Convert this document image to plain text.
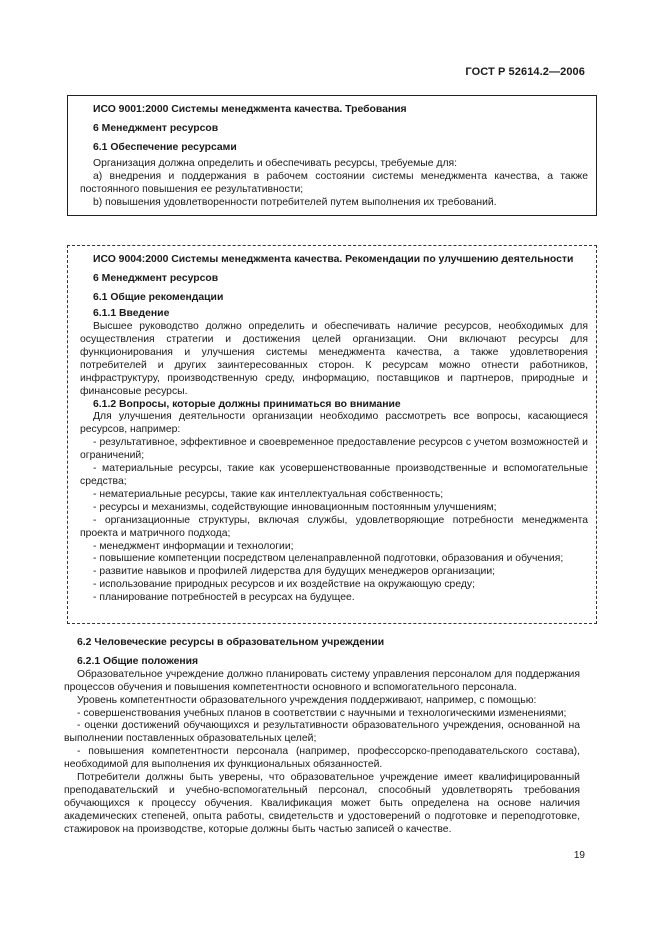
ГОСТ Р 52614.2—2006

ИСО 9001:2000 Системы менеджмента качества. Требования

6 Менеджмент ресурсов

6.1 Обеспечение ресурсами

Организация должна определить и обеспечивать ресурсы, требуемые для:

a) внедрения и поддержания в рабочем состоянии системы менеджмента качества, а также постоянного повышения ее результативности;

b) повышения удовлетворенности потребителей путем выполнения их требований.

ИСО 9004:2000 Системы менеджмента качества. Рекомендации по улучшению деятельности

6 Менеджмент ресурсов

6.1 Общие рекомендации

6.1.1 Введение

Высшее руководство должно определить и обеспечивать наличие ресурсов, необходимых для осуществления стратегии и достижения целей организации. Они включают ресурсы для функционирования и улучшения системы менеджмента качества, а также удовлетворения потребителей и других заинтересованных сторон. К ресурсам можно отнести работников, инфраструктуру, производственную среду, информацию, поставщиков и партнеров, природные и финансовые ресурсы.

6.1.2 Вопросы, которые должны приниматься во внимание

Для улучшения деятельности организации необходимо рассмотреть все вопросы, касающиеся ресурсов, например:

- результативное, эффективное и своевременное предоставление ресурсов с учетом возможностей и ограничений;

- материальные ресурсы, такие как усовершенствованные производственные и вспомогательные средства;

- нематериальные ресурсы, такие как интеллектуальная собственность;

- ресурсы и механизмы, содействующие инновационным постоянным улучшениям;

- организационные структуры, включая службы, удовлетворяющие потребности менеджмента проекта и матричного подхода;

- менеджмент информации и технологии;

- повышение компетенции посредством целенаправленной подготовки, образования и обучения;

- развитие навыков и профилей лидерства для будущих менеджеров организации;

- использование природных ресурсов и их воздействие на окружающую среду;

- планирование потребностей в ресурсах на будущее.

6.2 Человеческие ресурсы в образовательном учреждении

6.2.1 Общие положения

Образовательное учреждение должно планировать систему управления персоналом для поддержания процессов обучения и повышения компетентности основного и вспомогательного персонала.

Уровень компетентности образовательного учреждения поддерживают, например, с помощью:

- совершенствования учебных планов в соответствии с научными и технологическими изменениями;

- оценки достижений обучающихся и результативности образовательного учреждения, основанной на выполнении поставленных образовательных целей;

- повышения компетентности персонала (например, профессорско-преподавательского состава), необходимой для выполнения их функциональных обязанностей.

Потребители должны быть уверены, что образовательное учреждение имеет квалифицированный преподавательский и учебно-вспомогательный персонал, способный удовлетворять требования обучающихся к процессу обучения. Квалификация может быть определена на основе наличия академических степеней, опыта работы, свидетельств и удостоверений о подготовке и переподготовке, стажировок на производстве, которые должны быть частью записей о качестве.

19
